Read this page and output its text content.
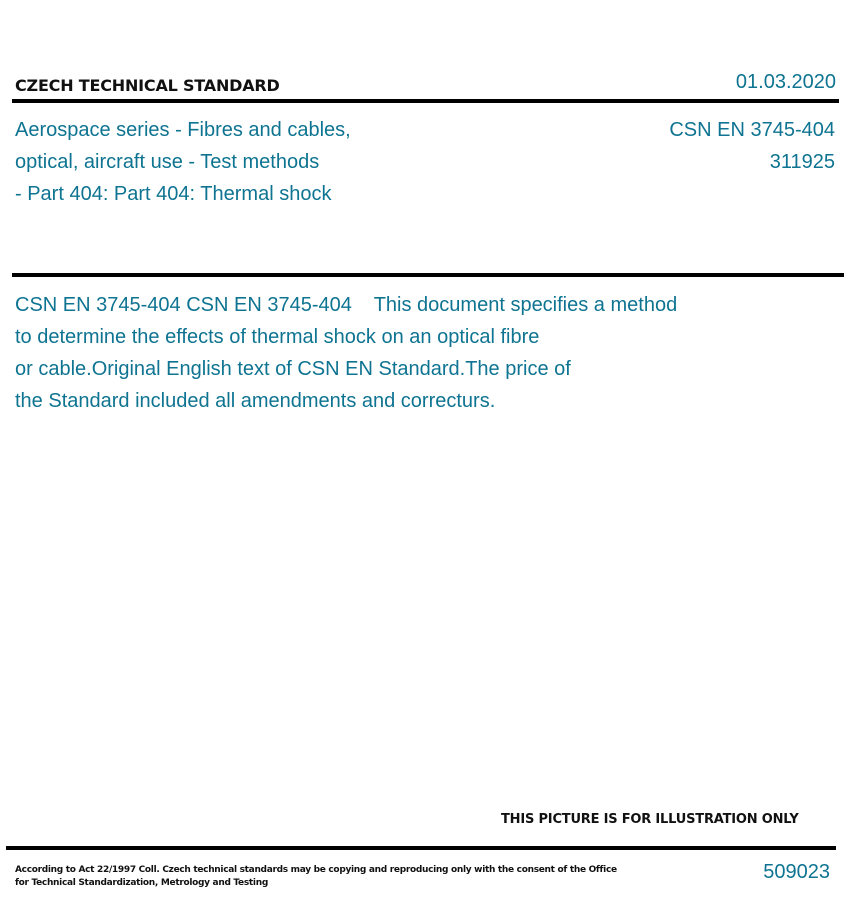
CZECH TECHNICAL STANDARD	01.03.2020
Aerospace series - Fibres and cables,
optical, aircraft use - Test methods
- Part 404: Part 404: Thermal shock
CSN EN 3745-404
311925
CSN EN 3745-404 CSN EN 3745-404    This document specifies a method
to determine the effects of thermal shock on an optical fibre
or cable.Original English text of CSN EN Standard.The price of
the Standard included all amendments and correcturs.
THIS PICTURE IS FOR ILLUSTRATION ONLY
According to Act 22/1997 Coll. Czech technical standards may be copying and reproducing only with the consent of the Office
for Technical Standardization, Metrology and Testing	509023
